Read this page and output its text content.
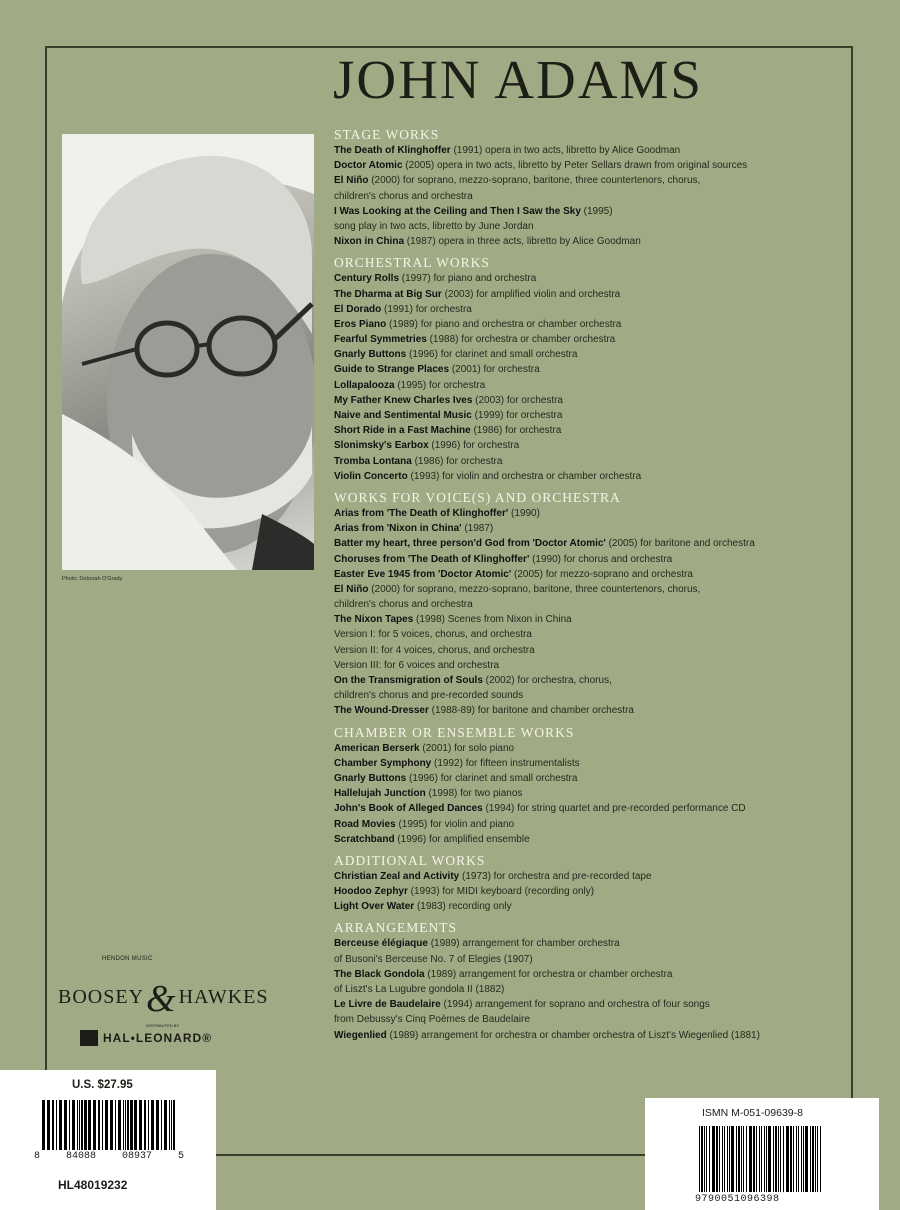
JOHN ADAMS
Photo: Deborah O'Grady
STAGE WORKS
The Death of Klinghoffer (1991) opera in two acts, libretto by Alice Goodman
Doctor Atomic (2005) opera in two acts, libretto by Peter Sellars drawn from original sources
El Niño (2000) for soprano, mezzo-soprano, baritone, three countertenors, chorus,
children's chorus and orchestra
I Was Looking at the Ceiling and Then I Saw the Sky (1995)
song play in two acts, libretto by June Jordan
Nixon in China (1987) opera in three acts, libretto by Alice Goodman
ORCHESTRAL WORKS
Century Rolls (1997) for piano and orchestra
The Dharma at Big Sur (2003) for amplified violin and orchestra
El Dorado (1991) for orchestra
Eros Piano (1989) for piano and orchestra or chamber orchestra
Fearful Symmetries (1988) for orchestra or chamber orchestra
Gnarly Buttons (1996) for clarinet and small orchestra
Guide to Strange Places (2001) for orchestra
Lollapalooza (1995) for orchestra
My Father Knew Charles Ives (2003) for orchestra
Naive and Sentimental Music (1999) for orchestra
Short Ride in a Fast Machine (1986) for orchestra
Slonimsky's Earbox (1996) for orchestra
Tromba Lontana (1986) for orchestra
Violin Concerto (1993) for violin and orchestra or chamber orchestra
WORKS FOR VOICE(S) AND ORCHESTRA
Arias from 'The Death of Klinghoffer' (1990)
Arias from 'Nixon in China' (1987)
Batter my heart, three person'd God from 'Doctor Atomic' (2005) for baritone and orchestra
Choruses from 'The Death of Klinghoffer' (1990) for chorus and orchestra
Easter Eve 1945 from 'Doctor Atomic' (2005) for mezzo-soprano and orchestra
El Niño (2000) for soprano, mezzo-soprano, baritone, three countertenors, chorus,
children's chorus and orchestra
The Nixon Tapes (1998) Scenes from Nixon in China
Version I: for 5 voices, chorus, and orchestra
Version II: for 4 voices, chorus, and orchestra
Version III: for 6 voices and orchestra
On the Transmigration of Souls (2002) for orchestra, chorus,
children's chorus and pre-recorded sounds
The Wound-Dresser (1988-89) for baritone and chamber orchestra
CHAMBER OR ENSEMBLE WORKS
American Berserk (2001) for solo piano
Chamber Symphony (1992) for fifteen instrumentalists
Gnarly Buttons (1996) for clarinet and small orchestra
Hallelujah Junction (1998) for two pianos
John's Book of Alleged Dances (1994) for string quartet and pre-recorded performance CD
Road Movies (1995) for violin and piano
Scratchband (1996) for amplified ensemble
ADDITIONAL WORKS
Christian Zeal and Activity (1973) for orchestra and pre-recorded tape
Hoodoo Zephyr (1993) for MIDI keyboard (recording only)
Light Over Water (1983) recording only
ARRANGEMENTS
Berceuse élégiaque (1989) arrangement for chamber orchestra
of Busoni's Berceuse No. 7 of Elegies (1907)
The Black Gondola (1989) arrangement for orchestra or chamber orchestra
of Liszt's La Lugubre gondola II (1882)
Le Livre de Baudelaire (1994) arrangement for soprano and orchestra of four songs
from Debussy's Cinq Poèmes de Baudelaire
Wiegenlied (1989) arrangement for orchestra or chamber orchestra of Liszt's Wiegenlied (1881)
HENDON MUSIC
BOOSEY& HAWKES
DISTRIBUTED BY
HAL•LEONARD®
U.S. $27.95
8	84088	08937	5
HL48019232
ISMN M-051-09639-8
9790051096398
